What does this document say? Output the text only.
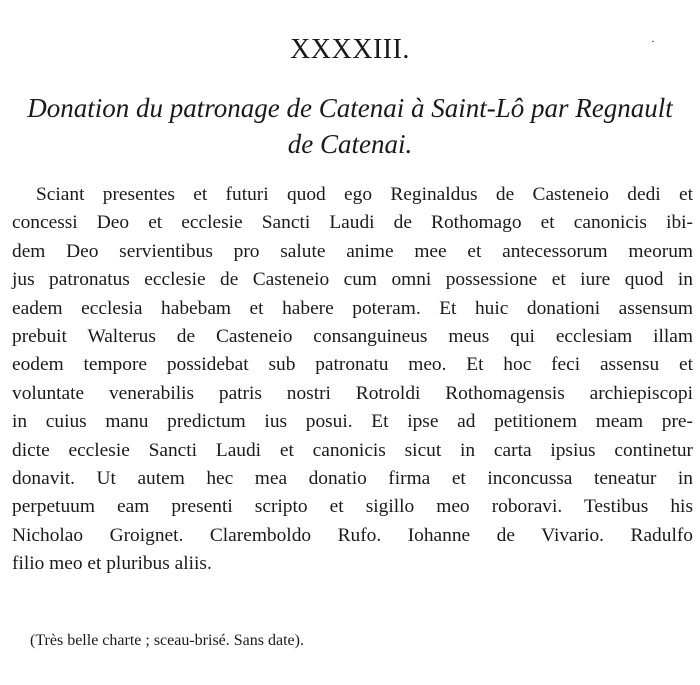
XXXXIII.	·
Donation du patronage de Catenai à Saint-Lô par Regnault
de Catenai.
Sciant presentes et futuri quod ego Reginaldus de Casteneio dedi et
concessi Deo et ecclesie Sancti Laudi de Rothomago et canonicis ibi-
dem Deo servientibus pro salute anime mee et antecessorum meorum
jus patronatus ecclesie de Casteneio cum omni possessione et iure quod in
eadem ecclesia habebam et habere poteram. Et huic donationi assensum
prebuit Walterus de Casteneio consanguineus meus qui ecclesiam illam
eodem tempore possidebat sub patronatu meo. Et hoc feci assensu et
voluntate venerabilis patris nostri Rotroldi Rothomagensis archiepiscopi
in cuius manu predictum ius posui. Et ipse ad petitionem meam pre-
dicte ecclesie Sancti Laudi et canonicis sicut in carta ipsius continetur
donavit. Ut autem hec mea donatio firma et inconcussa teneatur in
perpetuum eam presenti scripto et sigillo meo roboravi. Testibus his
Nicholao Groignet. Claremboldo Rufo. Iohanne de Vivario. Radulfo
filio meo et pluribus aliis.
(Très belle charte ; sceau-brisé. Sans date).
